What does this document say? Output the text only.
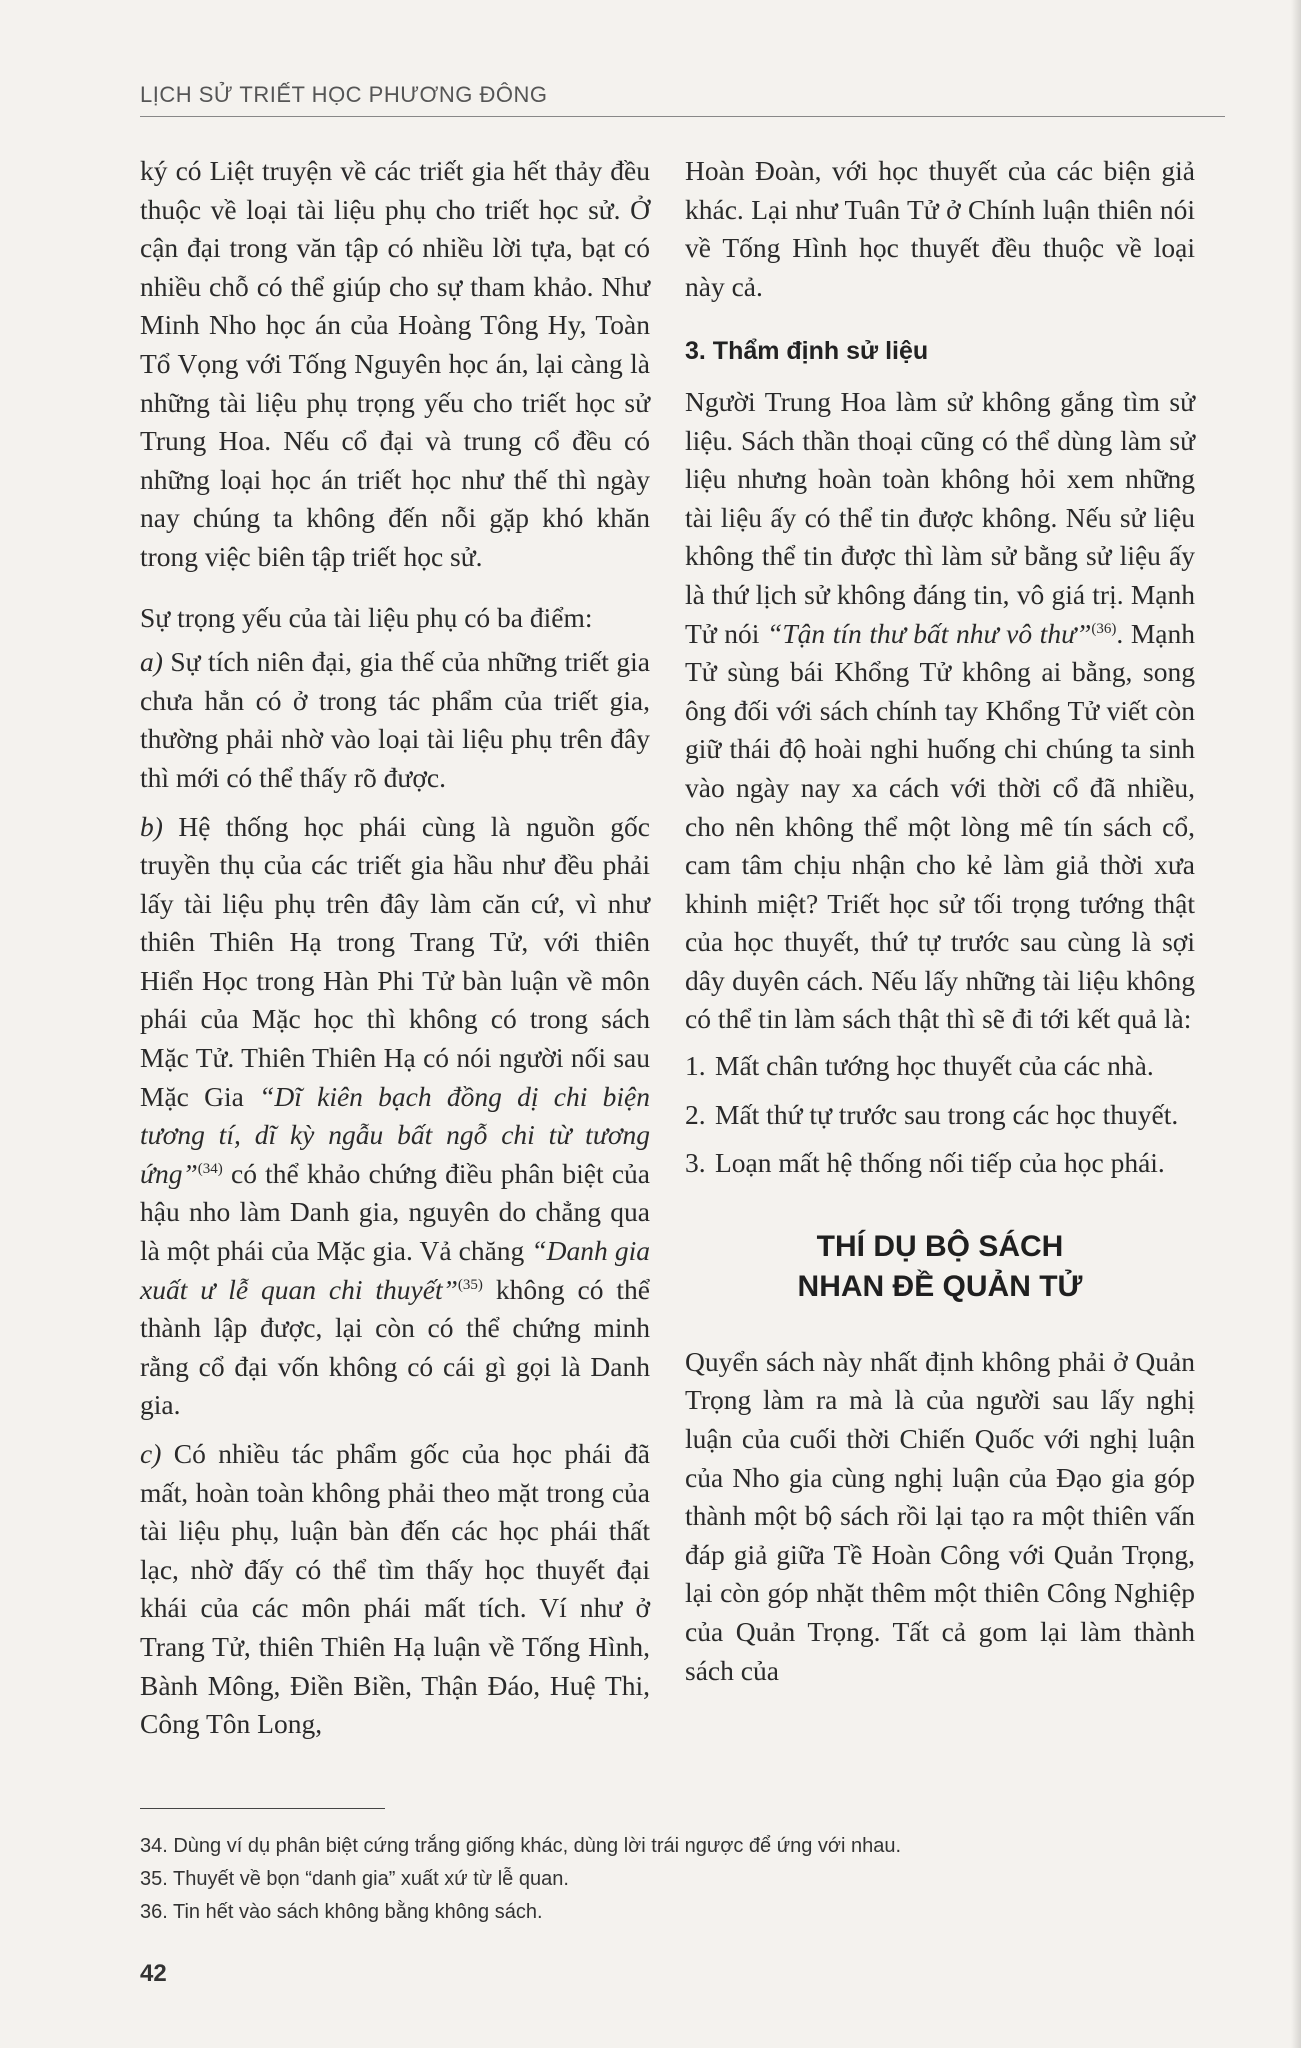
LỊCH SỬ TRIẾT HỌC PHƯƠNG ĐÔNG

ký có Liệt truyện về các triết gia hết thảy đều thuộc về loại tài liệu phụ cho triết học sử. Ở cận đại trong văn tập có nhiều lời tựa, bạt có nhiều chỗ có thể giúp cho sự tham khảo. Như Minh Nho học án của Hoàng Tông Hy, Toàn Tổ Vọng với Tống Nguyên học án, lại càng là những tài liệu phụ trọng yếu cho triết học sử Trung Hoa. Nếu cổ đại và trung cổ đều có những loại học án triết học như thế thì ngày nay chúng ta không đến nỗi gặp khó khăn trong việc biên tập triết học sử.

Sự trọng yếu của tài liệu phụ có ba điểm:

a) Sự tích niên đại, gia thế của những triết gia chưa hẳn có ở trong tác phẩm của triết gia, thường phải nhờ vào loại tài liệu phụ trên đây thì mới có thể thấy rõ được.

b) Hệ thống học phái cùng là nguồn gốc truyền thụ của các triết gia hầu như đều phải lấy tài liệu phụ trên đây làm căn cứ, vì như thiên Thiên Hạ trong Trang Tử, với thiên Hiển Học trong Hàn Phi Tử bàn luận về môn phái của Mặc học thì không có trong sách Mặc Tử. Thiên Thiên Hạ có nói người nối sau Mặc Gia “Dĩ kiên bạch đồng dị chi biện tương tí, dĩ kỳ ngẫu bất ngỗ chi từ tương ứng”$^{(34)}$ có thể khảo chứng điều phân biệt của hậu nho làm Danh gia, nguyên do chẳng qua là một phái của Mặc gia. Vả chăng “Danh gia xuất ư lễ quan chi thuyết”$^{(35)}$ không có thể thành lập được, lại còn có thể chứng minh rằng cổ đại vốn không có cái gì gọi là Danh gia.

c) Có nhiều tác phẩm gốc của học phái đã mất, hoàn toàn không phải theo mặt trong của tài liệu phụ, luận bàn đến các học phái thất lạc, nhờ đấy có thể tìm thấy học thuyết đại khái của các môn phái mất tích. Ví như ở Trang Tử, thiên Thiên Hạ luận về Tống Hình, Bành Mông, Điền Biền, Thận Đáo, Huệ Thi, Công Tôn Long,

Hoàn Đoàn, với học thuyết của các biện giả khác. Lại như Tuân Tử ở Chính luận thiên nói về Tống Hình học thuyết đều thuộc về loại này cả.

3. Thẩm định sử liệu

Người Trung Hoa làm sử không gắng tìm sử liệu. Sách thần thoại cũng có thể dùng làm sử liệu nhưng hoàn toàn không hỏi xem những tài liệu ấy có thể tin được không. Nếu sử liệu không thể tin được thì làm sử bằng sử liệu ấy là thứ lịch sử không đáng tin, vô giá trị. Mạnh Tử nói “Tận tín thư bất như vô thư”$^{(36)}$. Mạnh Tử sùng bái Khổng Tử không ai bằng, song ông đối với sách chính tay Khổng Tử viết còn giữ thái độ hoài nghi huống chi chúng ta sinh vào ngày nay xa cách với thời cổ đã nhiều, cho nên không thể một lòng mê tín sách cổ, cam tâm chịu nhận cho kẻ làm giả thời xưa khinh miệt? Triết học sử tối trọng tướng thật của học thuyết, thứ tự trước sau cùng là sợi dây duyên cách. Nếu lấy những tài liệu không có thể tin làm sách thật thì sẽ đi tới kết quả là:

1. Mất chân tướng học thuyết của các nhà.

2. Mất thứ tự trước sau trong các học thuyết.

3. Loạn mất hệ thống nối tiếp của học phái.

THÍ DỤ BỘ SÁCH
NHAN ĐỀ QUẢN TỬ

Quyển sách này nhất định không phải ở Quản Trọng làm ra mà là của người sau lấy nghị luận của cuối thời Chiến Quốc với nghị luận của Nho gia cùng nghị luận của Đạo gia góp thành một bộ sách rồi lại tạo ra một thiên vấn đáp giả giữa Tề Hoàn Công với Quản Trọng, lại còn góp nhặt thêm một thiên Công Nghiệp của Quản Trọng. Tất cả gom lại làm thành sách của

34. Dùng ví dụ phân biệt cứng trắng giống khác, dùng lời trái ngược để ứng với nhau.
35. Thuyết về bọn “danh gia” xuất xứ từ lễ quan.
36. Tin hết vào sách không bằng không sách.
42
